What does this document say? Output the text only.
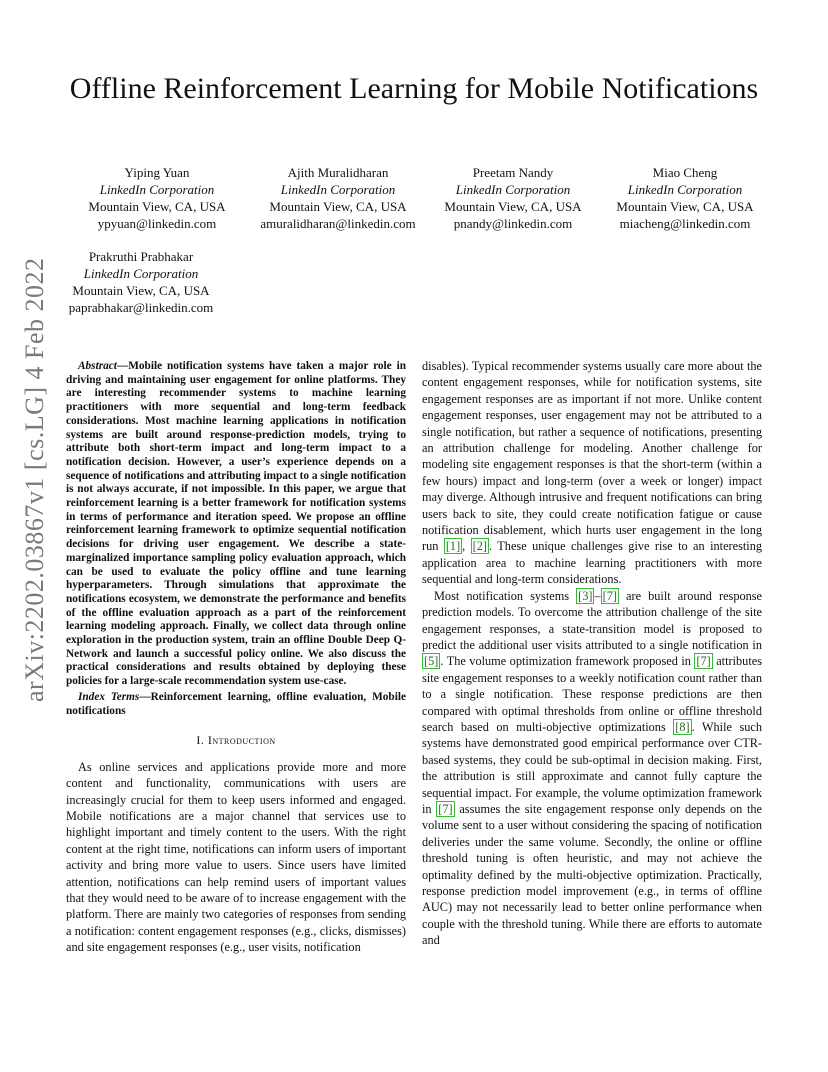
Offline Reinforcement Learning for Mobile Notifications
Yiping Yuan
LinkedIn Corporation
Mountain View, CA, USA
ypyuan@linkedin.com
Ajith Muralidharan
LinkedIn Corporation
Mountain View, CA, USA
amuralidharan@linkedin.com
Preetam Nandy
LinkedIn Corporation
Mountain View, CA, USA
pnandy@linkedin.com
Miao Cheng
LinkedIn Corporation
Mountain View, CA, USA
miacheng@linkedin.com
Prakruthi Prabhakar
LinkedIn Corporation
Mountain View, CA, USA
paprabhakar@linkedin.com
arXiv:2202.03867v1 [cs.LG] 4 Feb 2022	Abstract—Mobile notification systems have taken a major role in driving and maintaining user engagement for online platforms. They are interesting recommender systems to machine learning practitioners with more sequential and long-term feedback considerations. Most machine learning applications in notification systems are built around response-prediction models, trying to attribute both short-term impact and long-term impact to a notification decision. However, a user’s experience depends on a sequence of notifications and attributing impact to a single notification is not always accurate, if not impossible. In this paper, we argue that reinforcement learning is a better framework for notification systems in terms of performance and iteration speed. We propose an offline reinforcement learning framework to optimize sequential notification decisions for driving user engagement. We describe a state-marginalized importance sampling policy evaluation approach, which can be used to evaluate the policy offline and tune learning hyperparameters. Through simulations that approximate the notifications ecosystem, we demonstrate the performance and benefits of the offline evaluation approach as a part of the reinforcement learning modeling approach. Finally, we collect data through online exploration in the production system, train an offline Double Deep Q-Network and launch a successful policy online. We also discuss the practical considerations and results obtained by deploying these policies for a large-scale recommendation system use-case.

Index Terms—Reinforcement learning, offline evaluation, Mobile notifications

I. Introduction

As online services and applications provide more and more content and functionality, communications with users are increasingly crucial for them to keep users informed and engaged. Mobile notifications are a major channel that services use to highlight important and timely content to the users. With the right content at the right time, notifications can inform users of important activity and bring more value to users. Since users have limited attention, notifications can help remind users of important values that they would need to be aware of to increase engagement with the platform. There are mainly two categories of responses from sending a notification: content engagement responses (e.g., clicks, dismisses) and site engagement responses (e.g., user visits, notification

disables). Typical recommender systems usually care more about the content engagement responses, while for notification systems, site engagement responses are as important if not more. Unlike content engagement responses, user engagement may not be attributed to a single notification, but rather a sequence of notifications, presenting an attribution challenge for modeling. Another challenge for modeling site engagement responses is that the short-term (within a few hours) impact and long-term (over a week or longer) impact may diverge. Although intrusive and frequent notifications can bring users back to site, they could create notification fatigue or cause notification disablement, which hurts user engagement in the long run [1] , [2] . These unique challenges give rise to an interesting application area to machine learning practitioners with more sequential and long-term considerations.

Most notification systems [3] – [7] are built around response prediction models. To overcome the attribution challenge of the site engagement responses, a state-transition model is proposed to predict the additional user visits attributed to a single notification in [5] . The volume optimization framework proposed in [7] attributes site engagement responses to a weekly notification count rather than to a single notification. These response predictions are then compared with optimal thresholds from online or offline threshold search based on multi-objective optimizations [8] . While such systems have demonstrated good empirical performance over CTR-based systems, they could be sub-optimal in decision making. First, the attribution is still approximate and cannot fully capture the sequential impact. For example, the volume optimization framework in [7] assumes the site engagement response only depends on the volume sent to a user without considering the spacing of notification deliveries under the same volume. Secondly, the online or offline threshold tuning is often heuristic, and may not achieve the optimality defined by the multi-objective optimization. Practically, response prediction model improvement (e.g., in terms of offline AUC) may not necessarily lead to better online performance when couple with the threshold tuning. While there are efforts to automate and
